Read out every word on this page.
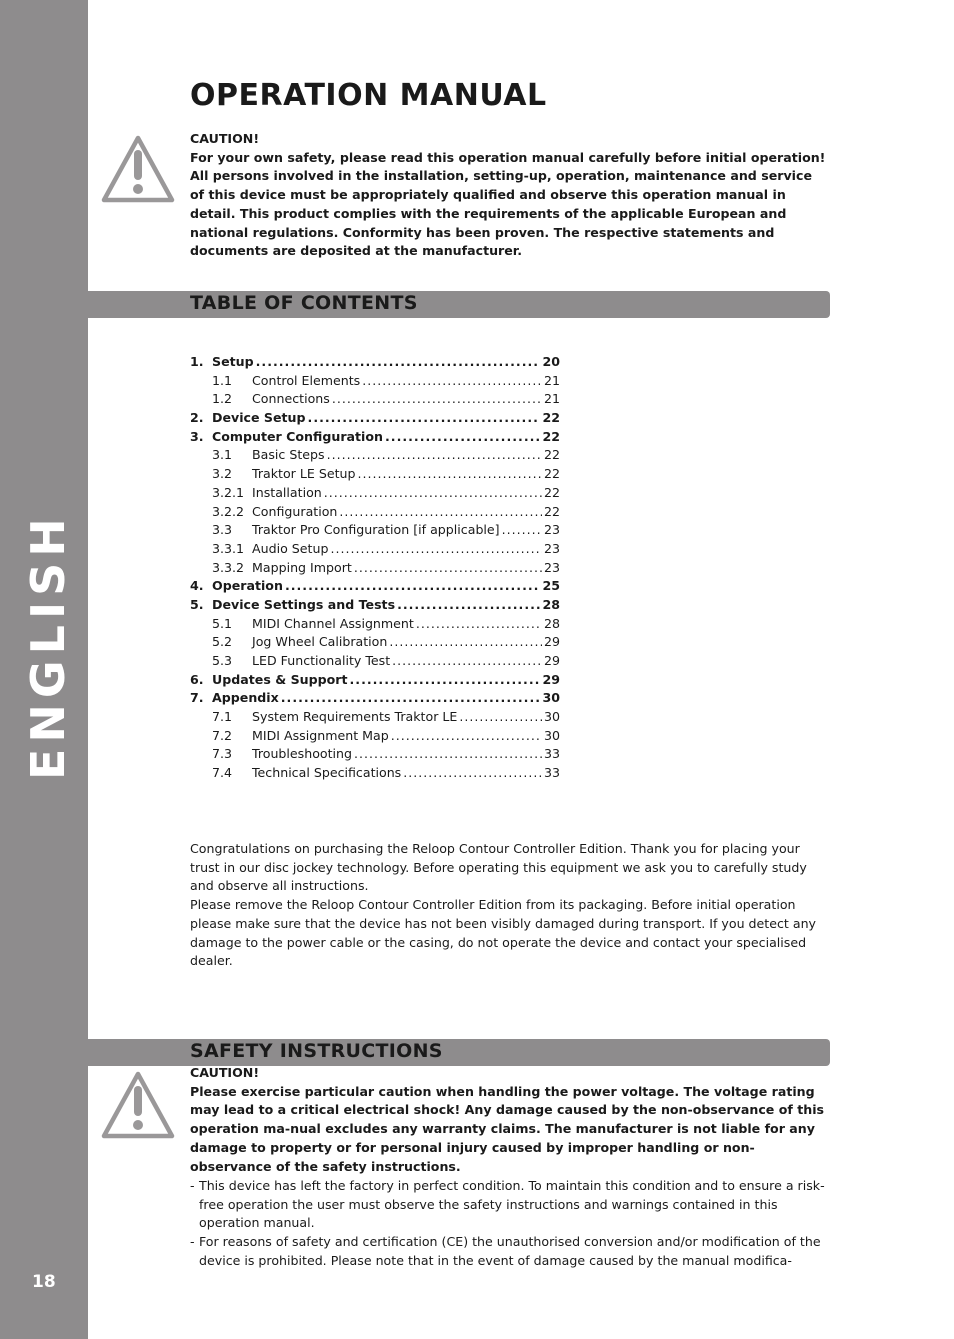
ENGLISH
18
OPERATION MANUAL
CAUTION!
For your own safety, please read this operation manual carefully before initial operation! All persons involved in the installation, setting-up, operation, maintenance and service of this device must be appropriately qualified and observe this operation manual in detail. This product complies with the requirements of the applicable European and national regulations. Conformity has been proven. The respective statements and documents are deposited at the manufacturer.
TABLE OF CONTENTS
1. Setup .....	20
1.1	Control Elements .....	21
1.2	Connections .....	21
2. Device Setup .....	22
3. Computer Configuration .....	22
3.1	Basic Steps .....	22
3.2	Traktor LE Setup .....	22
3.2.1 Installation .....	22
3.2.2 Configuration .....	22
3.3	Traktor Pro Configuration [if applicable] .....	23
3.3.1 Audio Setup .....	23
3.3.2 Mapping Import .....	23
4. Operation .....	25
5. Device Settings and Tests .....	28
5.1	MIDI Channel Assignment .....	28
5.2	Jog Wheel Calibration .....	29
5.3	LED Functionality Test .....	29
6. Updates & Support .....	29
7. Appendix .....	30
7.1	System Requirements Traktor LE .....	30
7.2	MIDI Assignment Map .....	30
7.3	Troubleshooting .....	33
7.4	Technical Specifications .....	33

Congratulations on purchasing the Reloop Contour Controller Edition. Thank you for placing your trust in our disc jockey technology. Before operating this equipment we ask you to carefully study and observe all instructions.

Please remove the Reloop Contour Controller Edition from its packaging. Before initial operation please make sure that the device has not been visibly damaged during transport. If you detect any damage to the power cable or the casing, do not operate the device and contact your specialised dealer.

SAFETY INSTRUCTIONS
CAUTION!
Please exercise particular caution when handling the power voltage. The voltage rating may lead to a critical electrical shock! Any damage caused by the non-observance of this operation ma-nual excludes any warranty claims. The manufacturer is not liable for any damage to property or for personal injury caused by improper handling or non-observance of the safety instructions.
- This device has left the factory in perfect condition. To maintain this condition and to ensure a risk-free operation the user must observe the safety instructions and warnings contained in this operation manual.
- For reasons of safety and certification (CE) the unauthorised conversion and/or modification of the device is prohibited. Please note that in the event of damage caused by the manual modifica-
